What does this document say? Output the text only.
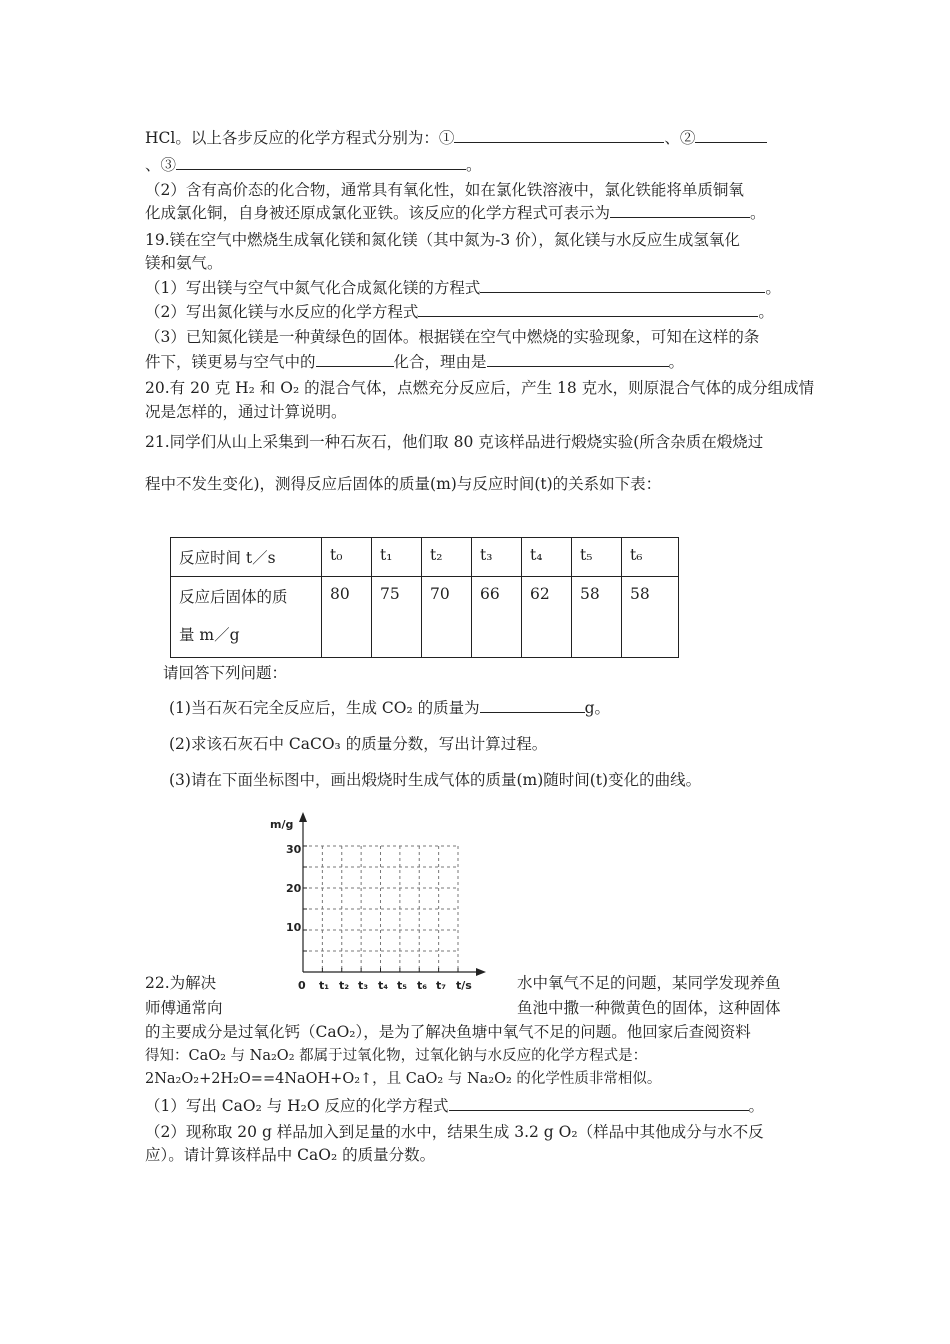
HCl。以上各步反应的化学方程式分别为：①	、②
、③	。
（2）含有高价态的化合物，通常具有氧化性，如在氯化铁溶液中，氯化铁能将单质铜氧
化成氯化铜，自身被还原成氯化亚铁。该反应的化学方程式可表示为	。
19.镁在空气中燃烧生成氧化镁和氮化镁（其中氮为-3 价），氮化镁与水反应生成氢氧化
镁和氨气。
（1）写出镁与空气中氮气化合成氮化镁的方程式	。
（2）写出氮化镁与水反应的化学方程式	。
（3）已知氮化镁是一种黄绿色的固体。根据镁在空气中燃烧的实验现象，可知在这样的条
件下，镁更易与空气中的	化合，理由是	。
20.有 20 克 H₂ 和 O₂ 的混合气体，点燃充分反应后，产生 18 克水，则原混合气体的成分组成情
况是怎样的，通过计算说明。
21.同学们从山上采集到一种石灰石，他们取 80 克该样品进行煅烧实验(所含杂质在煅烧过
程中不发生变化)，测得反应后固体的质量(m)与反应时间(t)的关系如下表：
反应时间 t／s	t₀	t₁	t₂	t₃	t₄	t₅	t₆

反应后固体的质
量 m／g	80	75	70	66	62	58	58
请回答下列问题：
(1)当石灰石完全反应后，生成 CO₂ 的质量为	g。
(2)求该石灰石中 CaCO₃ 的质量分数，写出计算过程。
(3)请在下面坐标图中，画出煅烧时生成气体的质量(m)随时间(t)变化的曲线。
m/g
30
20
10
0 t₁ t₂ t₃ t₄ t₅ t₆ t₇ t/s
22.为解决	水中氧气不足的问题，某同学发现养鱼
师傅通常向	鱼池中撒一种微黄色的固体，这种固体
的主要成分是过氧化钙（CaO₂），是为了解决鱼塘中氧气不足的问题。他回家后查阅资料
得知：CaO₂ 与 Na₂O₂ 都属于过氧化物，过氧化钠与水反应的化学方程式是：
2Na₂O₂+2H₂O==4NaOH+O₂↑，且 CaO₂ 与 Na₂O₂ 的化学性质非常相似。
（1）写出 CaO₂ 与 H₂O 反应的化学方程式	。
（2）现称取 20 g 样品加入到足量的水中，结果生成 3.2 g O₂（样品中其他成分与水不反
应）。请计算该样品中 CaO₂ 的质量分数。
